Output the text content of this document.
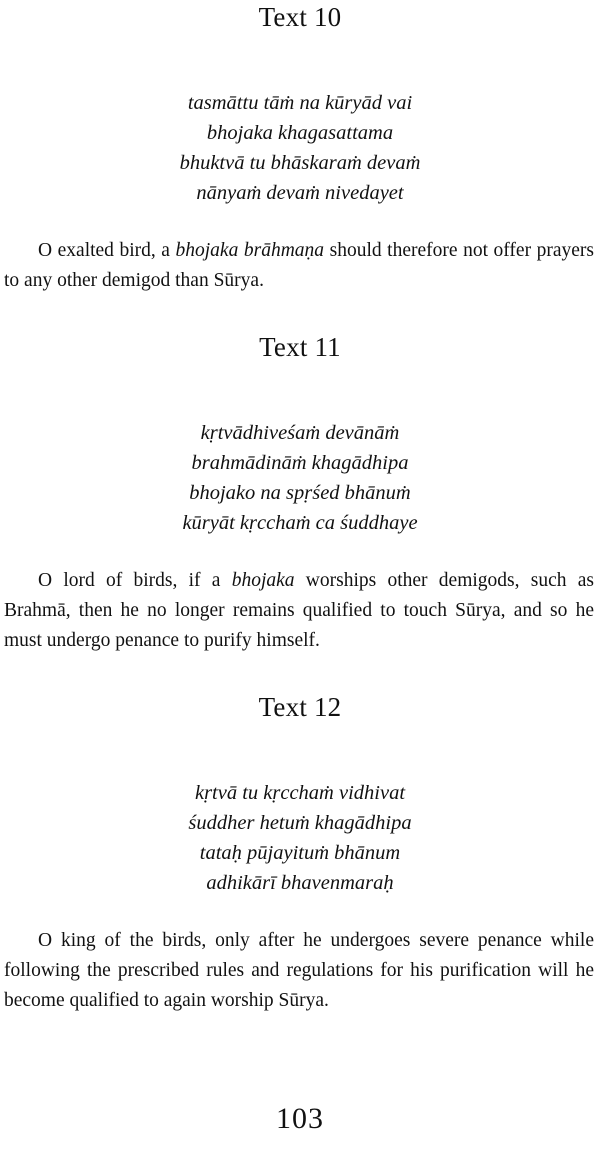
Text 10
tasmāttu tāṁ na kūryād vai
bhojaka khagasattama
bhuktvā tu bhāskaraṁ devaṁ
nānyaṁ devaṁ nivedayet
O exalted bird, a bhojaka brāhmaṇa should therefore not offer prayers to any other demigod than Sūrya.
Text 11
kṛtvādhiveśaṁ devānāṁ
brahmādināṁ khagādhipa
bhojako na spṛśed bhānuṁ
kūryāt kṛcchaṁ ca śuddhaye
O lord of birds, if a bhojaka worships other demigods, such as Brahmā, then he no longer remains qualified to touch Sūrya, and so he must undergo penance to purify himself.
Text 12
kṛtvā tu kṛcchaṁ vidhivat
śuddher hetuṁ khagādhipa
tataḥ pūjayituṁ bhānum
adhikārī bhavenmaraḥ
O king of the birds, only after he undergoes severe penance while following the prescribed rules and regulations for his purification will he become qualified to again worship Sūrya.
103
